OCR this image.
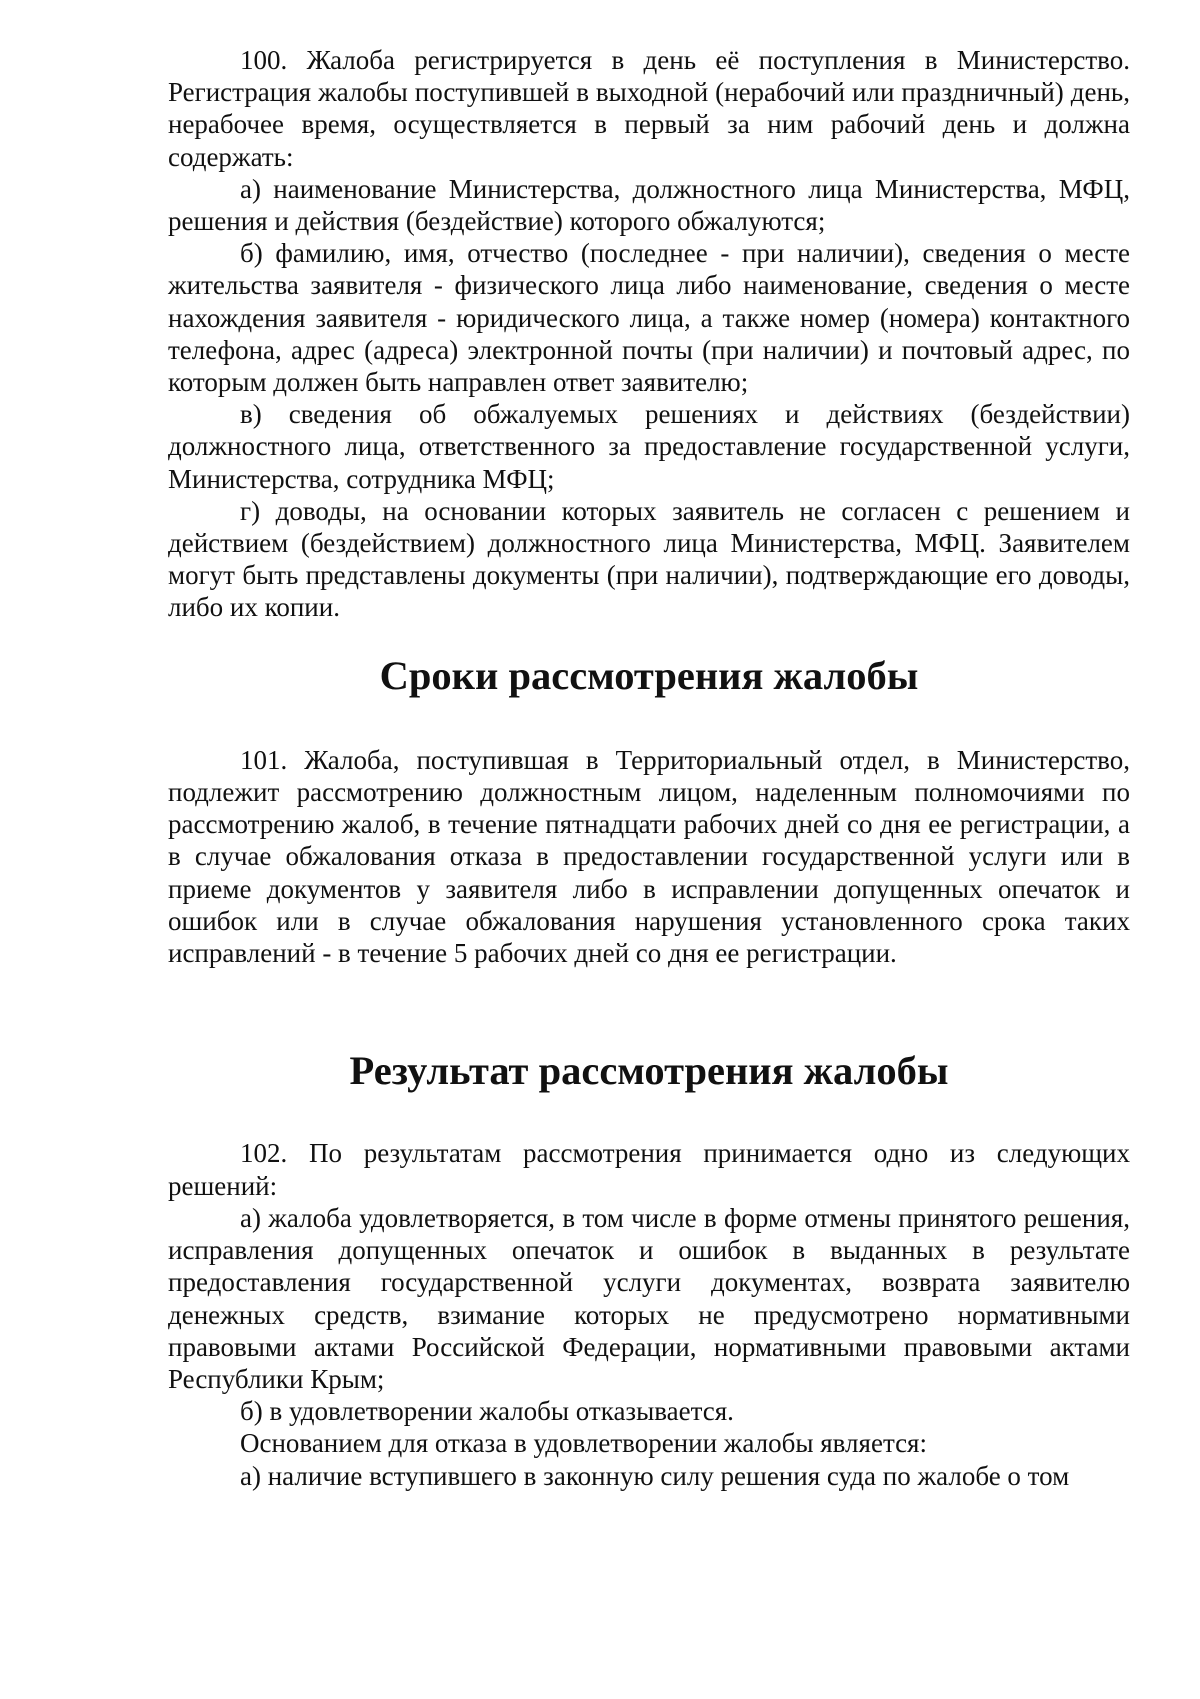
100. Жалоба регистрируется в день её поступления в Министерство. Регистрация жалобы поступившей в выходной (нерабочий или праздничный) день, нерабочее время, осуществляется в первый за ним рабочий день и должна содержать:

а) наименование Министерства, должностного лица Министерства, МФЦ, решения и действия (бездействие) которого обжалуются;

б) фамилию, имя, отчество (последнее - при наличии), сведения о месте жительства заявителя - физического лица либо наименование, сведения о месте нахождения заявителя - юридического лица, а также номер (номера) контактного телефона, адрес (адреса) электронной почты (при наличии) и почтовый адрес, по которым должен быть направлен ответ заявителю;

в) сведения об обжалуемых решениях и действиях (бездействии) должностного лица, ответственного за предоставление государственной услуги, Министерства, сотрудника МФЦ;

г) доводы, на основании которых заявитель не согласен с решением и действием (бездействием) должностного лица Министерства, МФЦ. Заявителем могут быть представлены документы (при наличии), подтверждающие его доводы, либо их копии.

Сроки рассмотрения жалобы

101. Жалоба, поступившая в Территориальный отдел, в Министерство, подлежит рассмотрению должностным лицом, наделенным полномочиями по рассмотрению жалоб, в течение пятнадцати рабочих дней со дня ее регистрации, а в случае обжалования отказа в предоставлении государственной услуги или в приеме документов у заявителя либо в исправлении допущенных опечаток и ошибок или в случае обжалования нарушения установленного срока таких исправлений - в течение 5 рабочих дней со дня ее регистрации.

Результат рассмотрения жалобы

102. По результатам рассмотрения принимается одно из следующих решений:

а) жалоба удовлетворяется, в том числе в форме отмены принятого решения, исправления допущенных опечаток и ошибок в выданных в результате предоставления государственной услуги документах, возврата заявителю денежных средств, взимание которых не предусмотрено нормативными правовыми актами Российской Федерации, нормативными правовыми актами Республики Крым;

б) в удовлетворении жалобы отказывается.

Основанием для отказа в удовлетворении жалобы является:

а) наличие вступившего в законную силу решения суда по жалобе о том
